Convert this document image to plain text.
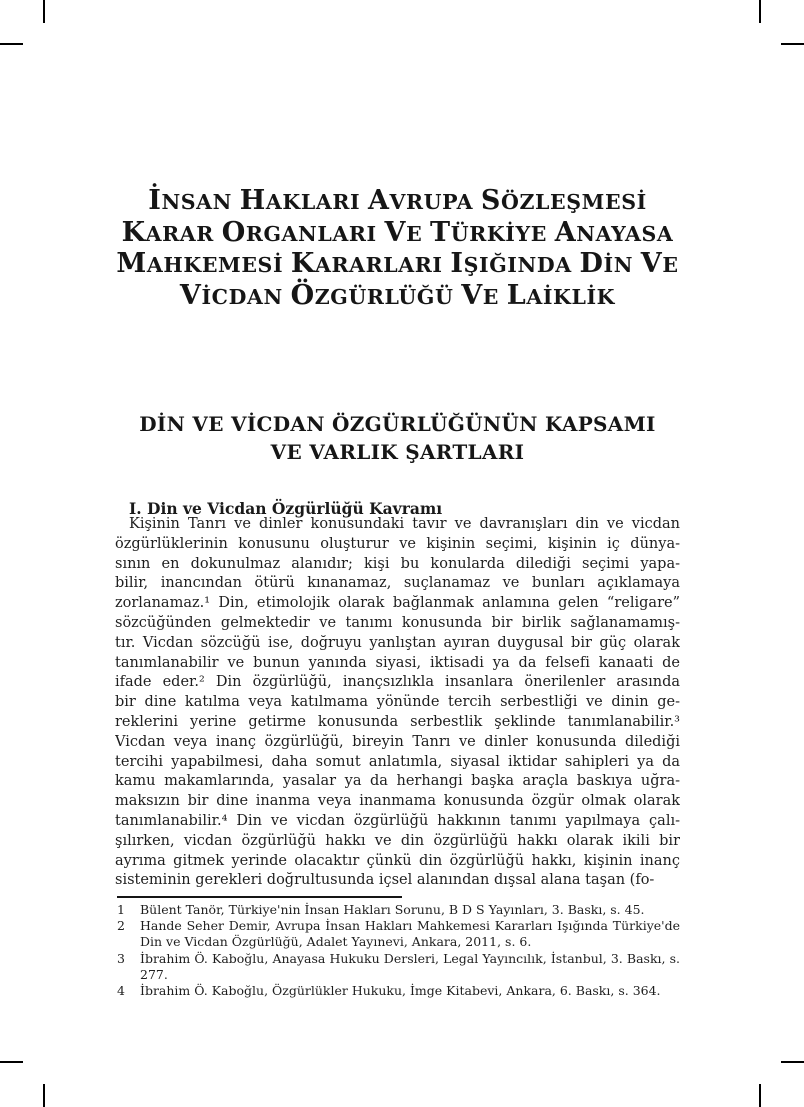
İNSAN HAKLARI AVRUPA SÖZLEŞMESİ
KARAR ORGANLARI VE TÜRKİYE ANAYASA
MAHKEMESİ KARARLARI IŞIĞINDA DİN VE
VİCDAN ÖZGÜRLÜĞÜ VE LAİKLİK
DİN VE VİCDAN ÖZGÜRLÜĞÜNÜN KAPSAMI
VE VARLIK ŞARTLARI
I. Din ve Vicdan Özgürlüğü Kavramı
Kişinin Tanrı ve dinler konusundaki tavır ve davranışları din ve vicdan
özgürlüklerinin konusunu oluşturur ve kişinin seçimi, kişinin iç dünya-
sının en dokunulmaz alanıdır; kişi bu konularda dilediği seçimi yapa-
bilir, inancından ötürü kınanamaz, suçlanamaz ve bunları açıklamaya
zorlanamaz.¹ Din, etimolojik olarak bağlanmak anlamına gelen “religare”
sözcüğünden gelmektedir ve tanımı konusunda bir birlik sağlanamamış-
tır. Vicdan sözcüğü ise, doğruyu yanlıştan ayıran duygusal bir güç olarak
tanımlanabilir ve bunun yanında siyasi, iktisadi ya da felsefi kanaati de
ifade eder.² Din özgürlüğü, inançsızlıkla insanlara önerilenler arasında
bir dine katılma veya katılmama yönünde tercih serbestliği ve dinin ge-
reklerini yerine getirme konusunda serbestlik şeklinde tanımlanabilir.³
Vicdan veya inanç özgürlüğü, bireyin Tanrı ve dinler konusunda dilediği
tercihi yapabilmesi, daha somut anlatımla, siyasal iktidar sahipleri ya da
kamu makamlarında, yasalar ya da herhangi başka araçla baskıya uğra-
maksızın bir dine inanma veya inanmama konusunda özgür olmak olarak
tanımlanabilir.⁴ Din ve vicdan özgürlüğü hakkının tanımı yapılmaya çalı-
şılırken, vicdan özgürlüğü hakkı ve din özgürlüğü hakkı olarak ikili bir
ayrıma gitmek yerinde olacaktır çünkü din özgürlüğü hakkı, kişinin inanç
sisteminin gerekleri doğrultusunda içsel alanından dışsal alana taşan (fo-
1	Bülent Tanör, Türkiye'nin İnsan Hakları Sorunu, B D S Yayınları, 3. Baskı, s. 45.
2	Hande Seher Demir, Avrupa İnsan Hakları Mahkemesi Kararları Işığında Türkiye'de Din ve Vicdan Özgürlüğü, Adalet Yayınevi, Ankara, 2011, s. 6.
3	İbrahim Ö. Kaboğlu, Anayasa Hukuku Dersleri, Legal Yayıncılık, İstanbul, 3. Baskı, s. 277.
4	İbrahim Ö. Kaboğlu, Özgürlükler Hukuku, İmge Kitabevi, Ankara, 6. Baskı, s. 364.
